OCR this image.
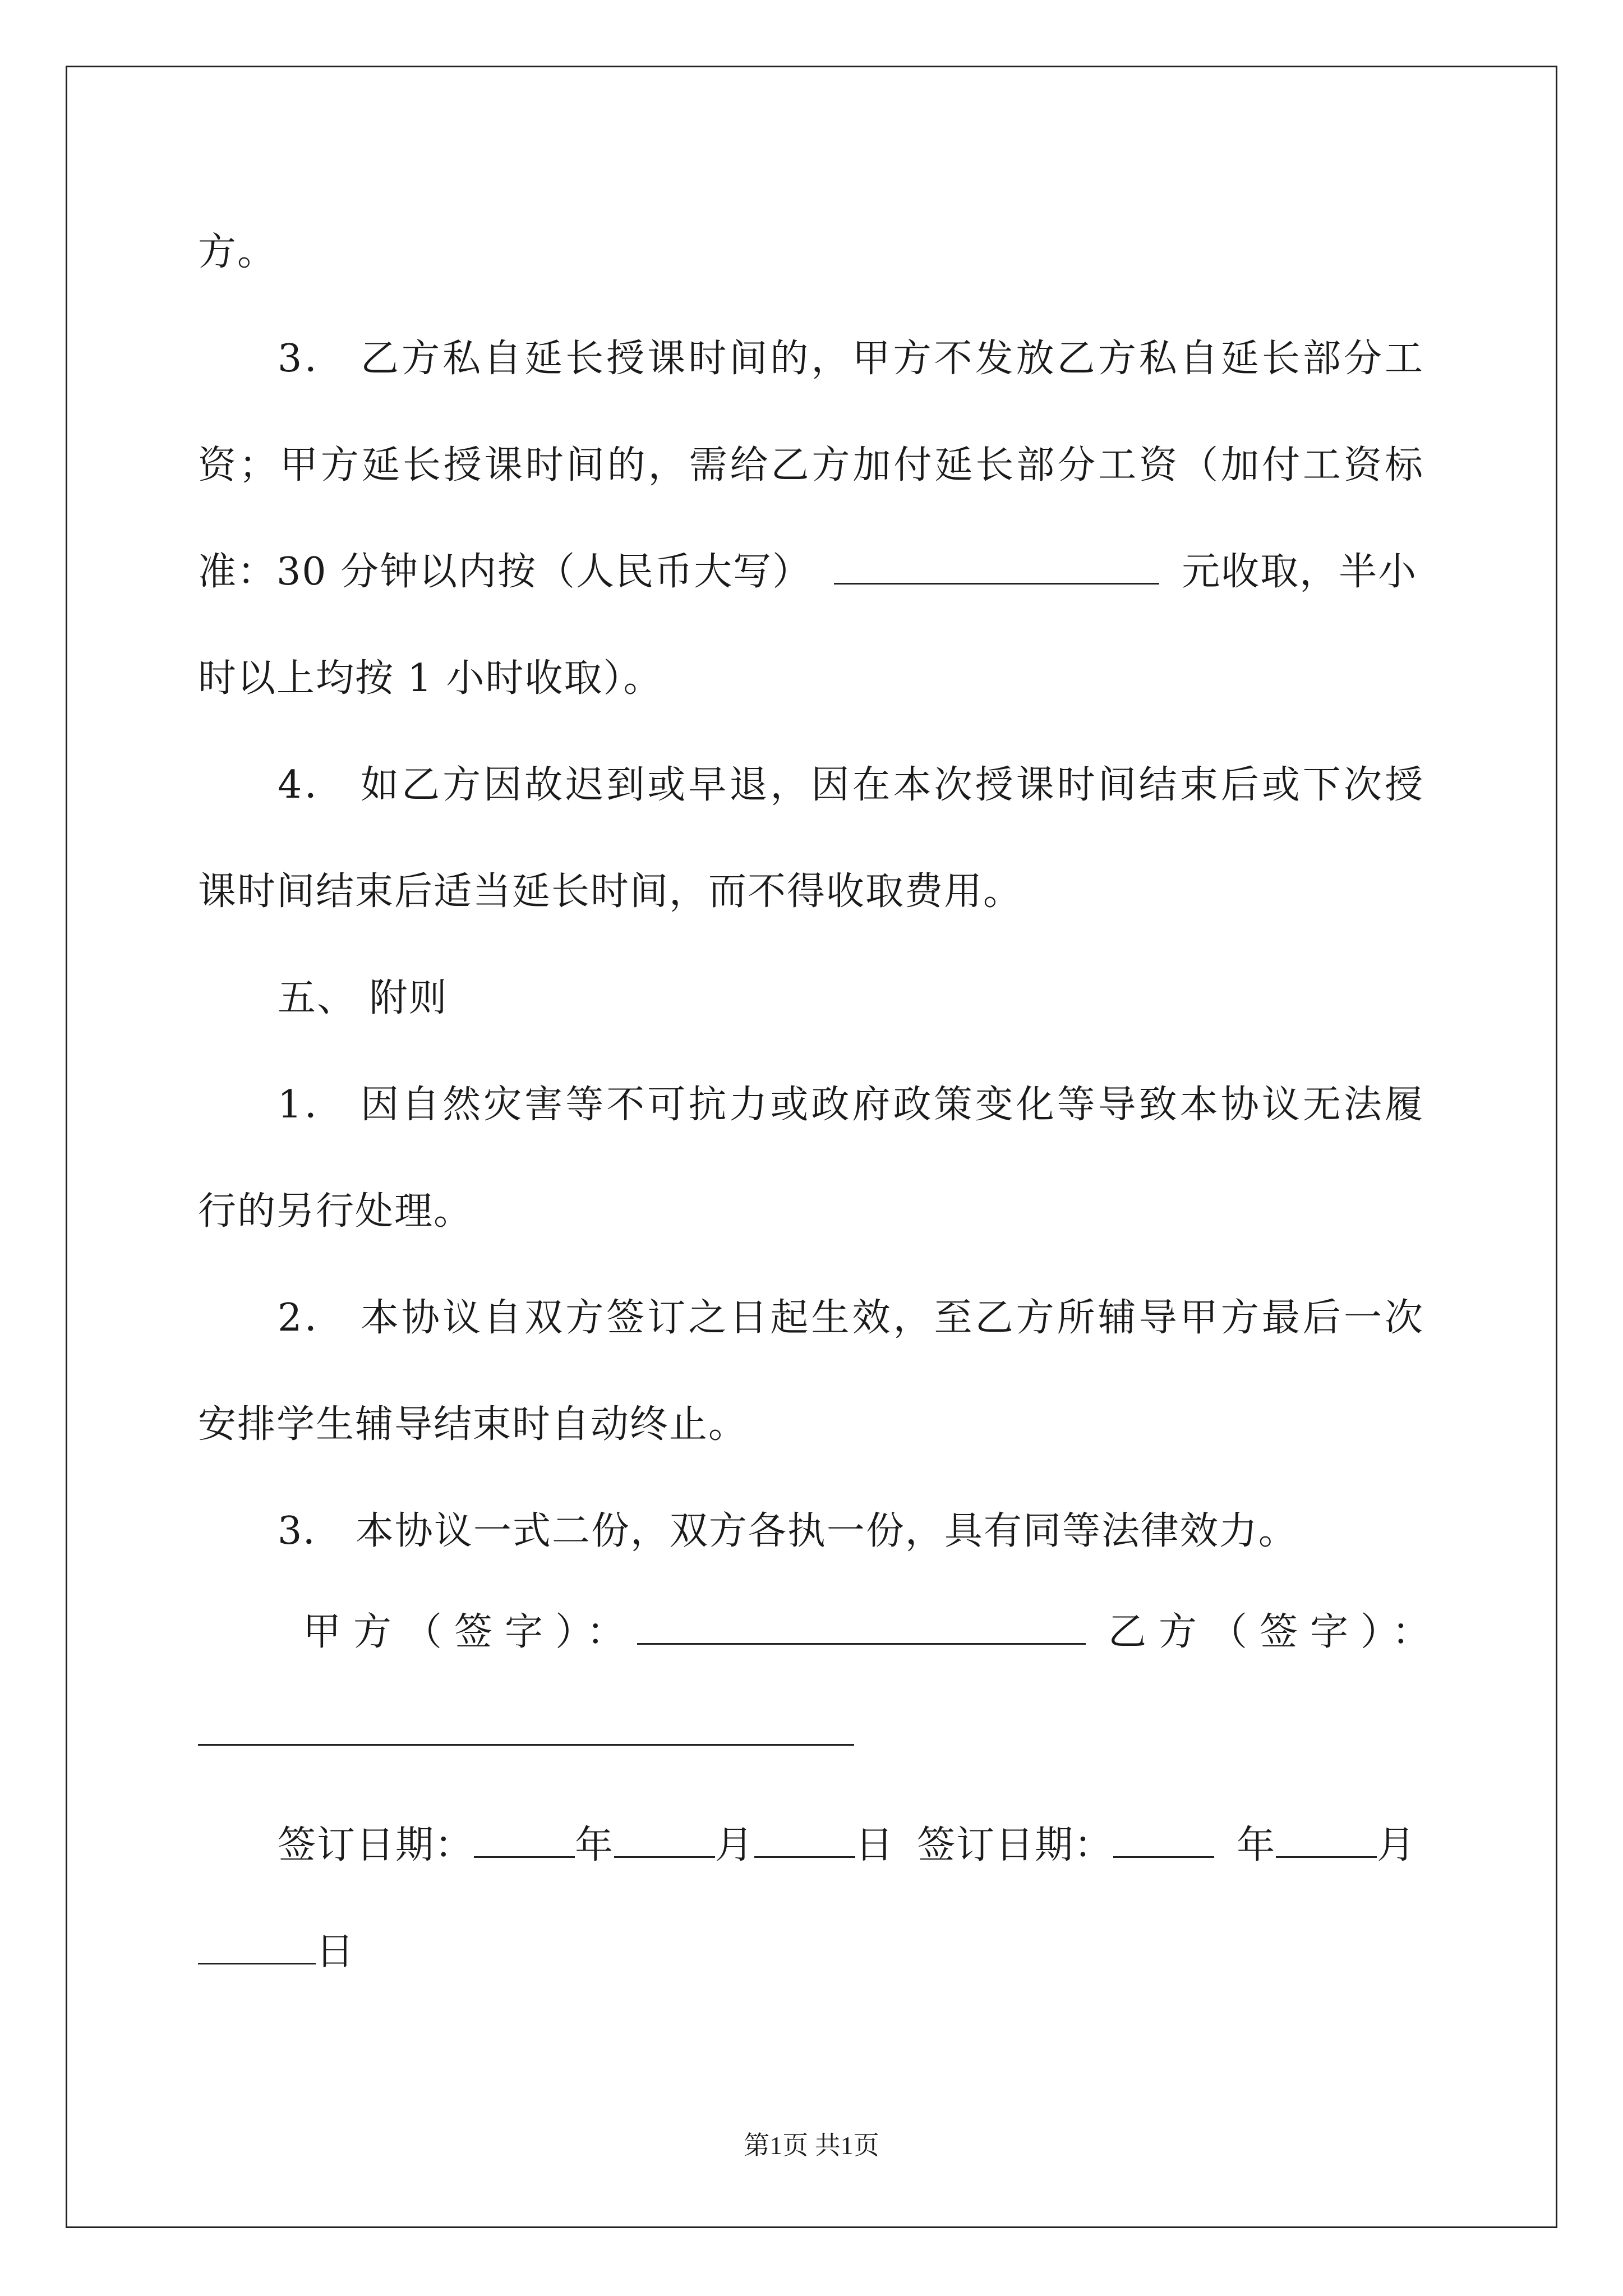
方。
3． 乙方私自延长授课时间的，甲方不发放乙方私自延长部分工
资；甲方延长授课时间的，需给乙方加付延长部分工资（加付工资标
准：30 分钟以内按（人民币大写）	元收取，半小
时以上均按 1 小时收取）。
4． 如乙方因故迟到或早退，因在本次授课时间结束后或下次授
课时间结束后适当延长时间，而不得收取费用。
五、 附则
1． 因自然灾害等不可抗力或政府政策变化等导致本协议无法履
行的另行处理。
2． 本协议自双方签订之日起生效，至乙方所辅导甲方最后一次
安排学生辅导结束时自动终止。
3． 本协议一式二份，双方各执一份，具有同等法律效力。
甲方（签字）：	乙方（签字）：
签订日期：	年	月	日 签订日期：	年	月
日
第1页 共1页
